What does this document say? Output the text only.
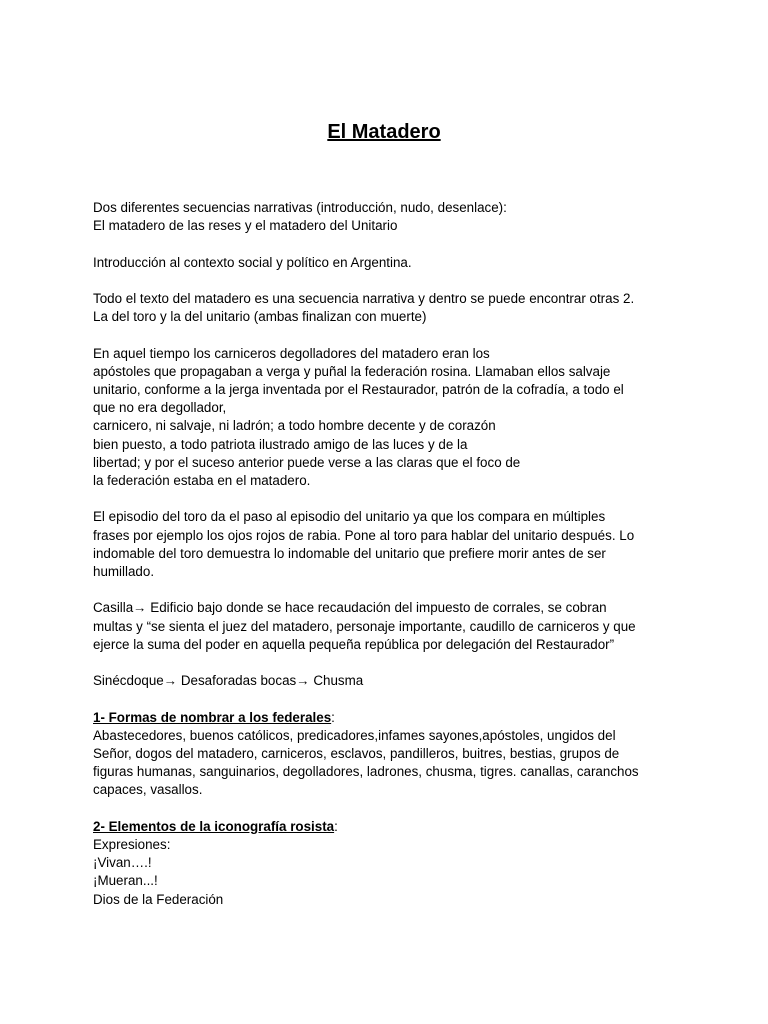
El Matadero
Dos diferentes secuencias narrativas (introducción, nudo, desenlace):
El matadero de las reses y el matadero del Unitario
Introducción al contexto social y político en Argentina.
Todo el texto del matadero es una secuencia narrativa y dentro se puede encontrar otras 2.
La del toro y la del unitario (ambas finalizan con muerte)
En aquel tiempo los carniceros degolladores del matadero eran los
apóstoles que propagaban a verga y puñal la federación rosina. Llamaban ellos salvaje
unitario, conforme a la jerga inventada por el Restaurador, patrón de la cofradía, a todo el
que no era degollador,
carnicero, ni salvaje, ni ladrón; a todo hombre decente y de corazón
bien puesto, a todo patriota ilustrado amigo de las luces y de la
libertad; y por el suceso anterior puede verse a las claras que el foco de
la federación estaba en el matadero.
El episodio del toro da el paso al episodio del unitario ya que los compara en múltiples
frases por ejemplo los ojos rojos de rabia. Pone al toro para hablar del unitario después. Lo
indomable del toro demuestra lo indomable del unitario que prefiere morir antes de ser
humillado.
Casilla→ Edificio bajo donde se hace recaudación del impuesto de corrales, se cobran
multas y “se sienta el juez del matadero, personaje importante, caudillo de carniceros y que
ejerce la suma del poder en aquella pequeña república por delegación del Restaurador”
Sinécdoque→ Desaforadas bocas→ Chusma
1- Formas de nombrar a los federales:
Abastecedores, buenos católicos, predicadores,infames sayones,apóstoles, ungidos del
Señor, dogos del matadero, carniceros, esclavos, pandilleros, buitres, bestias, grupos de
figuras humanas, sanguinarios, degolladores, ladrones, chusma, tigres. canallas, caranchos
capaces, vasallos.
2- Elementos de la iconografía rosista:
Expresiones:
¡Vivan….!
¡Mueran...!
Dios de la Federación
